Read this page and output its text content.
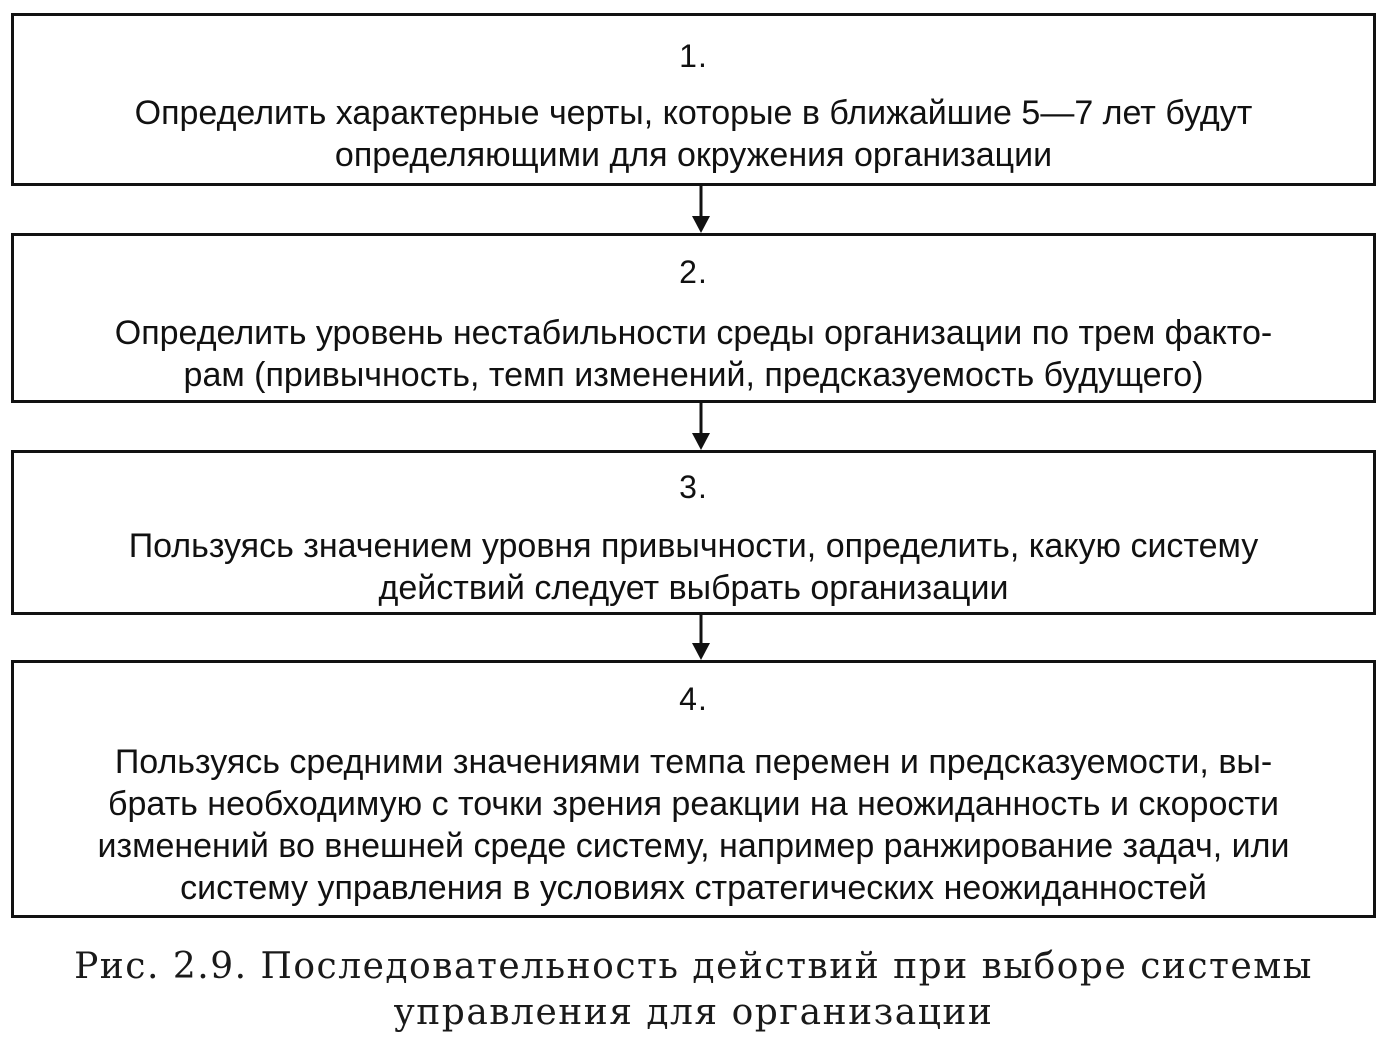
1.
Определить характерные черты, которые в ближайшие 5—7 лет будут
определяющими для окружения организации
2.
Определить уровень нестабильности среды организации по трем факто-
рам (привычность, темп изменений, предсказуемость будущего)
3.
Пользуясь значением уровня привычности, определить, какую систему
действий следует выбрать организации
4.
Пользуясь средними значениями темпа перемен и предсказуемости, вы-
брать необходимую с точки зрения реакции на неожиданность и скорости
изменений во внешней среде систему, например ранжирование задач, или
систему управления в условиях стратегических неожиданностей
Рис. 2.9. Последовательность действий при выборе системы
управления для организации
